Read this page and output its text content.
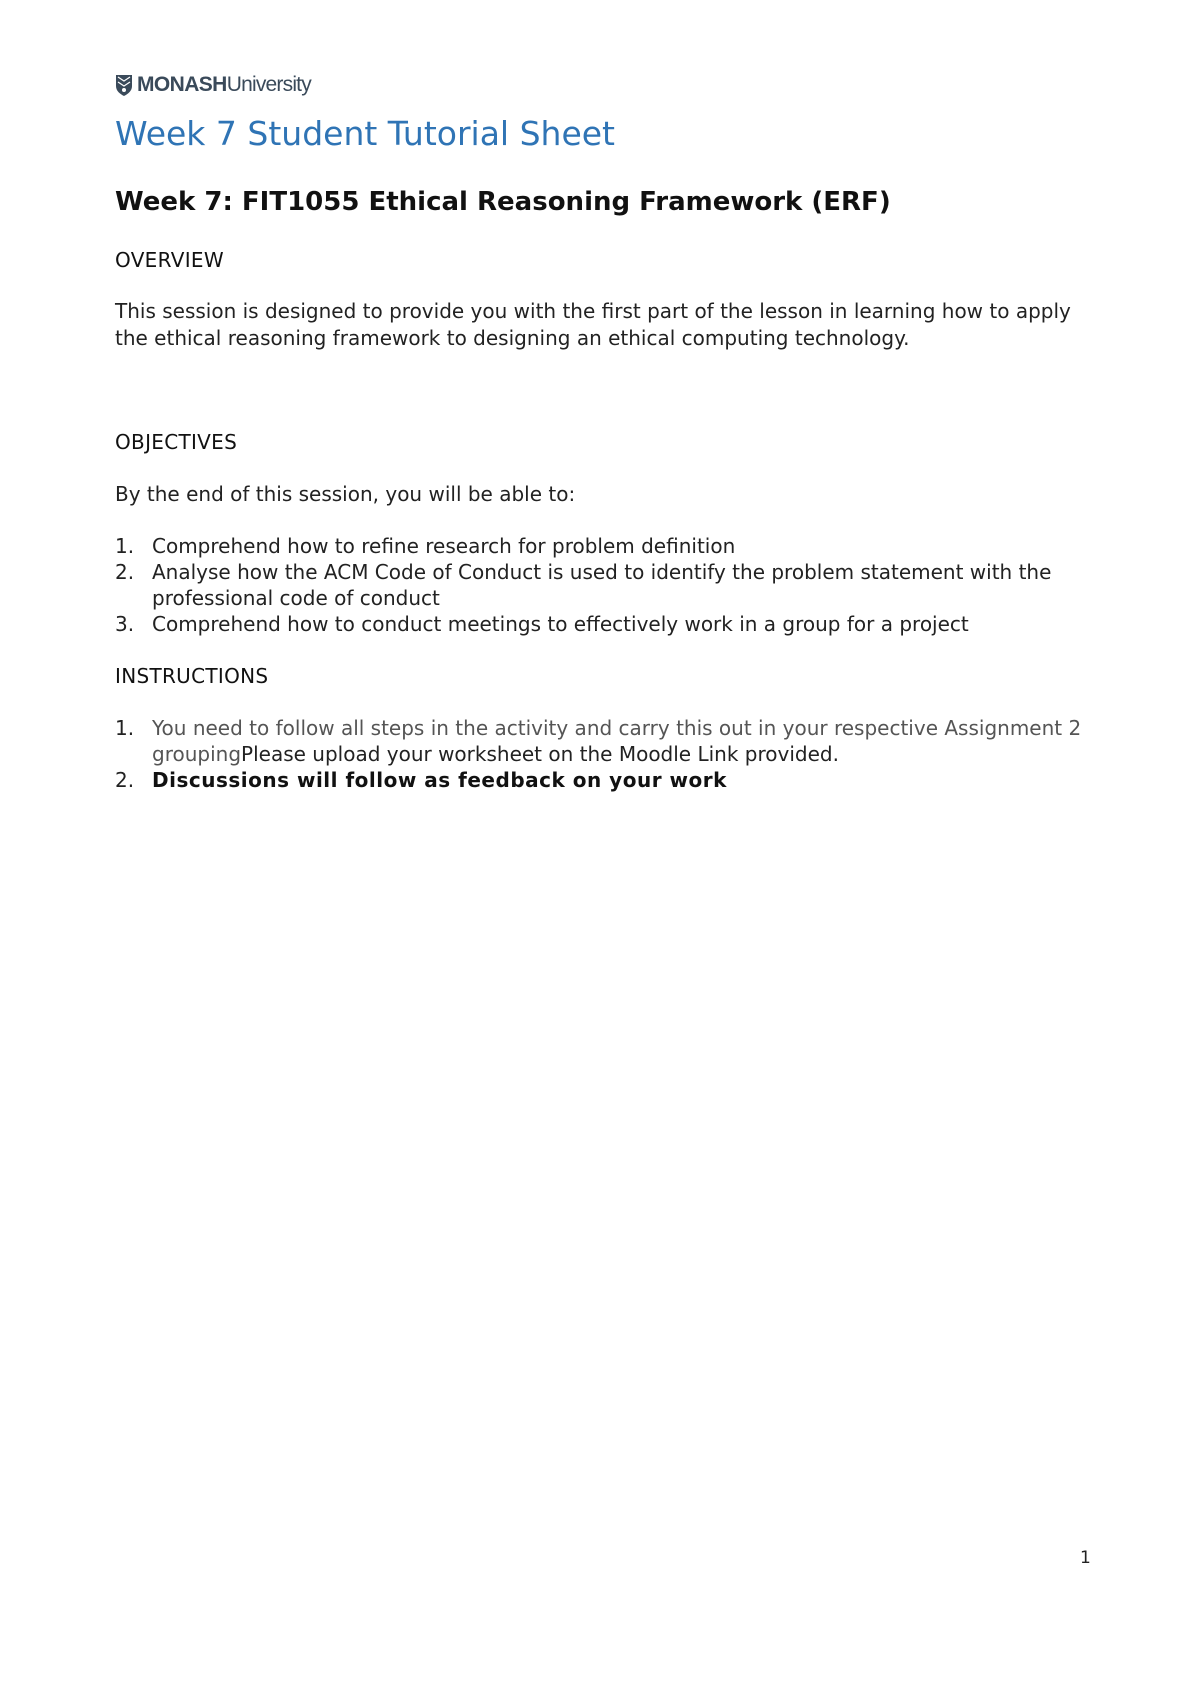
MONASH University
Week 7 Student Tutorial Sheet
Week 7: FIT1055 Ethical Reasoning Framework (ERF)
OVERVIEW

This session is designed to provide you with the first part of the lesson in learning how to apply the ethical reasoning framework to designing an ethical computing technology.

OBJECTIVES

By the end of this session, you will be able to:

1. Comprehend how to refine research for problem definition
2. Analyse how the ACM Code of Conduct is used to identify the problem statement with the professional code of conduct
3. Comprehend how to conduct meetings to effectively work in a group for a project
INSTRUCTIONS
1. You need to follow all steps in the activity and carry this out in your respective Assignment 2 groupingPlease upload your worksheet on the Moodle Link provided.
2. Discussions will follow as feedback on your work
1
